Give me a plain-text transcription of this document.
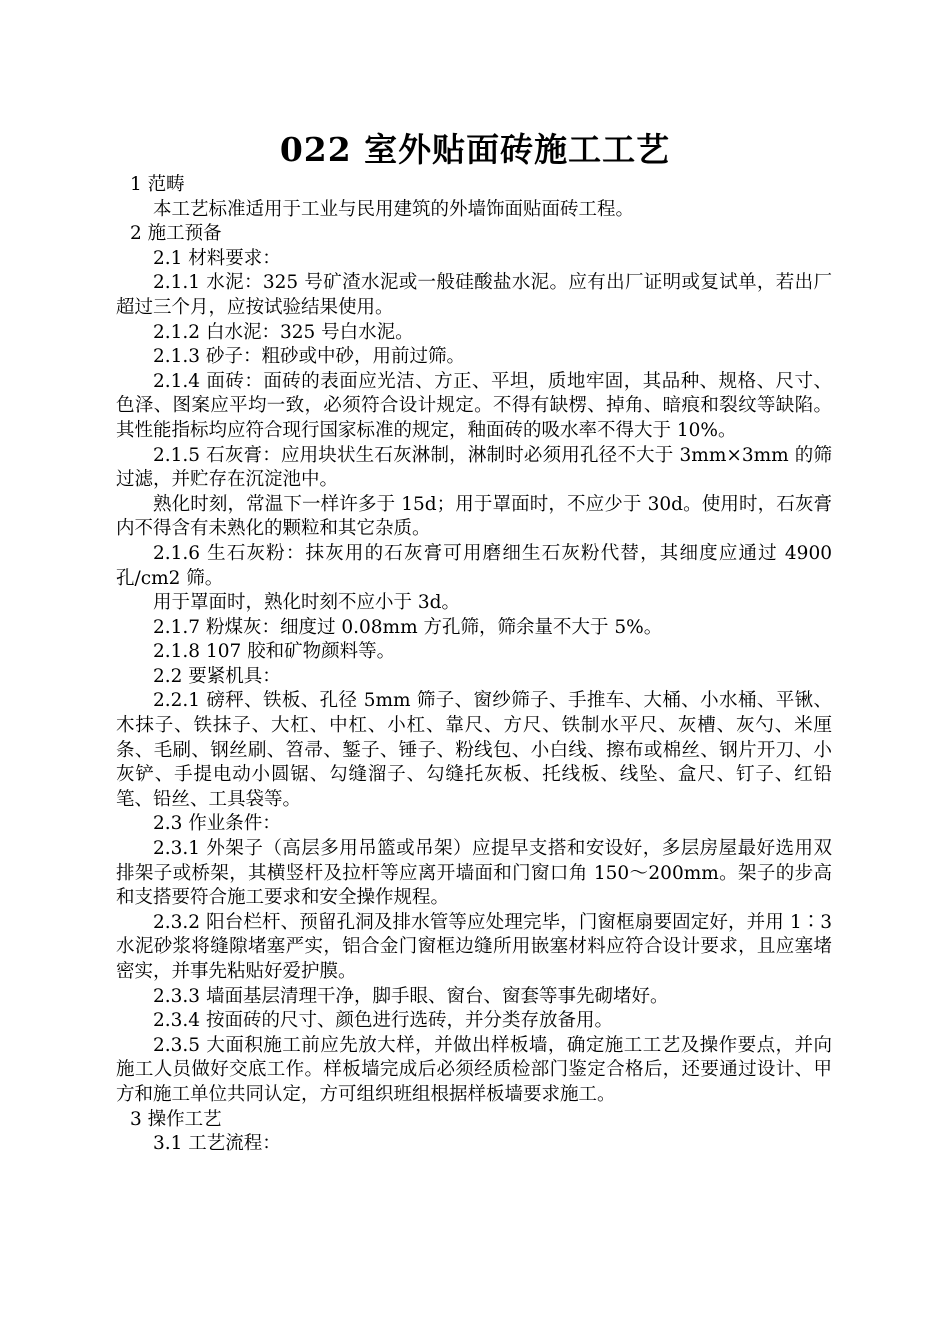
022 室外贴面砖施工工艺

1 范畴

本工艺标准适用于工业与民用建筑的外墙饰面贴面砖工程。

2 施工预备

2.1 材料要求：

2.1.1 水泥：325 号矿渣水泥或一般硅酸盐水泥。应有出厂证明或复试单，若出厂超过三个月，应按试验结果使用。

2.1.2 白水泥：325 号白水泥。

2.1.3 砂子：粗砂或中砂，用前过筛。

2.1.4 面砖：面砖的表面应光洁、方正、平坦，质地牢固，其品种、规格、尺寸、色泽、图案应平均一致，必须符合设计规定。不得有缺楞、掉角、暗痕和裂纹等缺陷。其性能指标均应符合现行国家标准的规定，釉面砖的吸水率不得大于 10%。

2.1.5 石灰膏：应用块状生石灰淋制，淋制时必须用孔径不大于 3mm×3mm 的筛过滤，并贮存在沉淀池中。

熟化时刻，常温下一样许多于 15d；用于罩面时，不应少于 30d。使用时，石灰膏内不得含有未熟化的颗粒和其它杂质。

2.1.6 生石灰粉：抹灰用的石灰膏可用磨细生石灰粉代替，其细度应通过 4900 孔/cm2 筛。

用于罩面时，熟化时刻不应小于 3d。

2.1.7 粉煤灰：细度过 0.08mm 方孔筛，筛余量不大于 5%。

2.1.8 107 胶和矿物颜料等。

2.2 要紧机具：

2.2.1 磅秤、铁板、孔径 5mm 筛子、窗纱筛子、手推车、大桶、小水桶、平锹、木抹子、铁抹子、大杠、中杠、小杠、靠尺、方尺、铁制水平尺、灰槽、灰勺、米厘条、毛刷、钢丝刷、笤帚、錾子、锤子、粉线包、小白线、擦布或棉丝、钢片开刀、小灰铲、手提电动小圆锯、勾缝溜子、勾缝托灰板、托线板、线坠、盒尺、钉子、红铅笔、铅丝、工具袋等。

2.3 作业条件：

2.3.1 外架子（高层多用吊篮或吊架）应提早支搭和安设好，多层房屋最好选用双排架子或桥架，其横竖杆及拉杆等应离开墙面和门窗口角 150～200mm。架子的步高和支搭要符合施工要求和安全操作规程。

2.3.2 阳台栏杆、预留孔洞及排水管等应处理完毕，门窗框扇要固定好，并用 1∶3 水泥砂浆将缝隙堵塞严实，铝合金门窗框边缝所用嵌塞材料应符合设计要求，且应塞堵密实，并事先粘贴好爱护膜。

2.3.3 墙面基层清理干净，脚手眼、窗台、窗套等事先砌堵好。

2.3.4 按面砖的尺寸、颜色进行选砖，并分类存放备用。

2.3.5 大面积施工前应先放大样，并做出样板墙，确定施工工艺及操作要点，并向施工人员做好交底工作。样板墙完成后必须经质检部门鉴定合格后，还要通过设计、甲方和施工单位共同认定，方可组织班组根据样板墙要求施工。

3 操作工艺

3.1 工艺流程：
